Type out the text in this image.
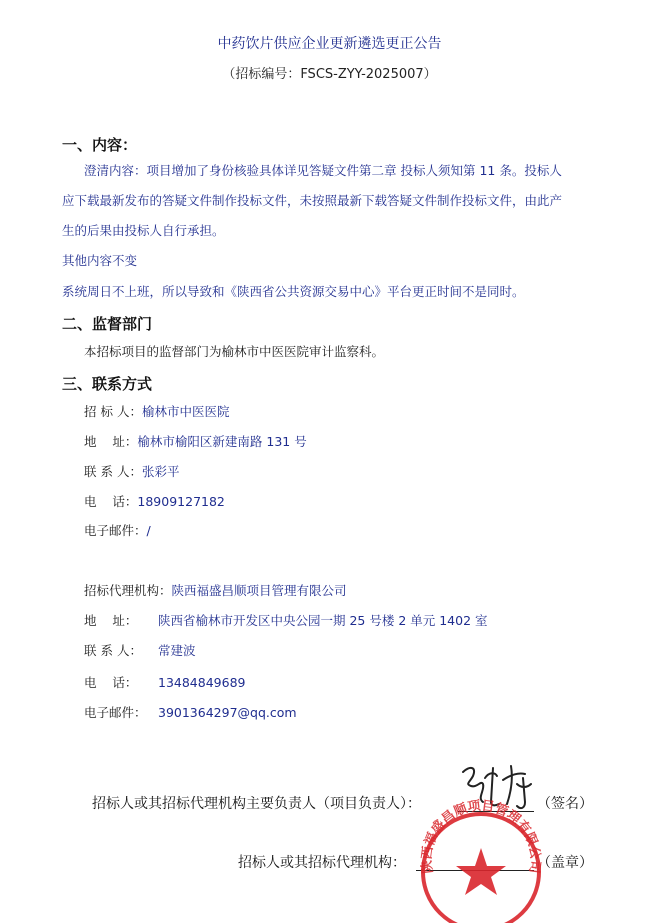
中药饮片供应企业更新遴选更正公告
（招标编号：FSCS-ZYY-2025007）
一、内容：
澄清内容：项目增加了身份核验具体详见答疑文件第二章 投标人须知第 11 条。投标人
应下载最新发布的答疑文件制作投标文件，未按照最新下载答疑文件制作投标文件，由此产
生的后果由投标人自行承担。
其他内容不变
系统周日不上班，所以导致和《陕西省公共资源交易中心》平台更正时间不是同时。
二、监督部门
本招标项目的监督部门为榆林市中医医院审计监察科。
三、联系方式
招 标 人：榆林市中医医院
地    址：榆林市榆阳区新建南路 131 号
联 系 人：张彩平
电    话：18909127182
电子邮件：/
招标代理机构：陕西福盛昌顺项目管理有限公司
地    址： 陕西省榆林市开发区中央公园一期 25 号楼 2 单元 1402 室
联 系 人： 常建波
电    话： 13484849689
电子邮件： 3901364297@qq.com
招标人或其招标代理机构主要负责人（项目负责人）：	（签名）
招标人或其招标代理机构：	（盖章）
陕西福盛昌顺项目管理有限公司
